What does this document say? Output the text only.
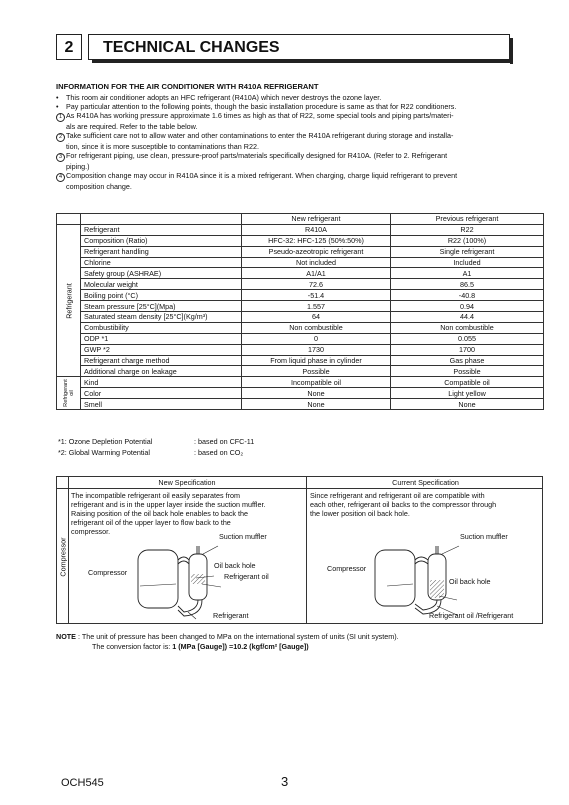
2	TECHNICAL CHANGES
INFORMATION FOR THE AIR CONDITIONER WITH R410A REFRIGERANT
•	This room air conditioner adopts an HFC refrigerant (R410A) which never destroys the ozone layer.
•	Pay particular attention to the following points, though the basic installation procedure is same as that for R22 conditioners.
1 As R410A has working pressure approximate 1.6 times as high as that of R22, some special tools and piping parts/materi-
als are required. Refer to the table below.
2 Take sufficient care not to allow water and other contaminations to enter the R410A refrigerant during storage and installa-
tion, since it is more susceptible to contaminations than R22.
3 For refrigerant piping, use clean, pressure-proof parts/materials specifically designed for R410A. (Refer to 2. Refrigerant
piping.)
4 Composition change may occur in R410A since it is a mixed refrigerant. When charging, charge liquid refrigerant to prevent
composition change.
		New refrigerant	Previous refrigerant

Refrigerant	Refrigerant	R410A	R22
	Composition (Ratio)	HFC-32: HFC-125 (50%:50%)	R22 (100%)
	Refrigerant handling	Pseudo-azeotropic refrigerant	Single refrigerant
	Chlorine	Not included	Included
	Safety group (ASHRAE)	A1/A1	A1
	Molecular weight	72.6	86.5
	Boiling point (°C)	-51.4	-40.8
	Steam pressure [25°C](Mpa)	1.557	0.94
	Saturated steam density [25°C](Kg/m³)	64	44.4
	Combustibility	Non combustible	Non combustible
	ODP *1	0	0.055
	GWP *2	1730	1700
	Refrigerant charge method	From liquid phase in cylinder	Gas phase
	Additional charge on leakage	Possible	Possible

Refrigerant oil	Kind	Incompatible oil	Compatible oil
	Color	None	Light yellow
	Smell	None	None
*1: Ozone Depletion Potential	: based on CFC-11
*2: Global Warming Potential	: based on CO₂
Compressor
New Specification	Current Specification
The incompatible refrigerant oil easily separates from
refrigerant and is in the upper layer inside the suction muffler.
Raising position of the oil back hole enables to back the
refrigerant oil of the upper layer to flow back to the
compressor.
Since refrigerant and refrigerant oil are compatible with
each other, refrigerant oil backs to the compressor through
the lower position oil back hole.
Suction muffler
Compressor
Oil back hole
Refrigerant oil
Refrigerant
Suction muffler
Compressor
Oil back hole
Refrigerant oil /Refrigerant
NOTE : The unit of pressure has been changed to MPa on the international system of units (SI unit system).
The conversion factor is: 1 (MPa [Gauge]) =10.2 (kgf/cm² [Gauge])
OCH545	3
